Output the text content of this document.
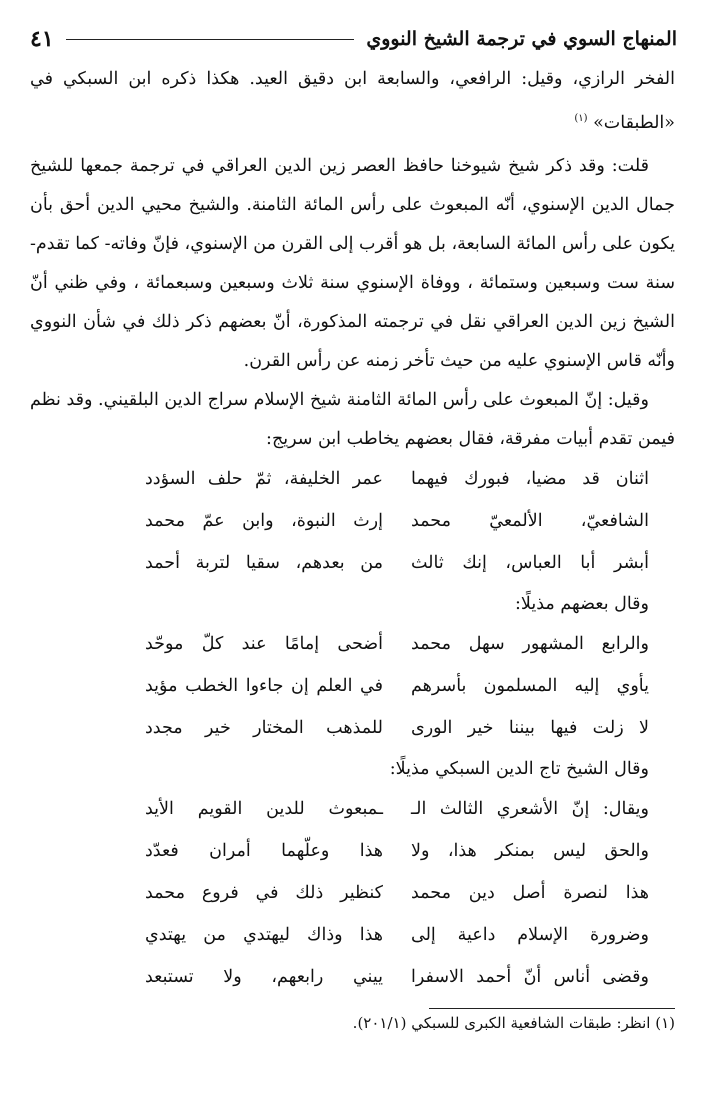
المنهاج السوي في ترجمة الشيخ النووي
٤١

الفخر الرازي، وقيل: الرافعي، والسابعة ابن دقيق العيد. هكذا ذكره ابن السبكي في «الطبقات» $^{(١)}$

قلت: وقد ذكر شيخ شيوخنا حافظ العصر زين الدين العراقي في ترجمة جمعها للشيخ جمال الدين الإسنوي، أنّه المبعوث على رأس المائة الثامنة. والشيخ محيي الدين أحق بأن يكون على رأس المائة السابعة، بل هو أقرب إلى القرن من الإسنوي، فإنّ وفاته- كما تقدم- سنة ست وسبعين وستمائة ، ووفاة الإسنوي سنة ثلاث وسبعين وسبعمائة ، وفي ظني أنّ الشيخ زين الدين العراقي نقل في ترجمته المذكورة، أنّ بعضهم ذكر ذلك في شأن النووي وأنّه قاس الإسنوي عليه من حيث تأخر زمنه عن رأس القرن.

وقيل: إنّ المبعوث على رأس المائة الثامنة شيخ الإسلام سراج الدين البلقيني. وقد نظم فيمن تقدم أبيات مفرقة، فقال بعضهم يخاطب ابن سريج:

اثنان قد مضيا، فبورك فيهما
عمر الخليفة، ثمّ حلف السؤدد
الشافعيّ، الألمعيّ محمد
إرث النبوة، وابن عمّ محمد
أبشر أبا العباس، إنك ثالث
من بعدهم، سقيا لتربة أحمد

وقال بعضهم مذيلًا:

والرابع المشهور سهل محمد
أضحى إمامًا عند كلّ موحّد
يأوي إليه المسلمون بأسرهم
في العلم إن جاءوا الخطب مؤيد
لا زلت فيها بيننا خير الورى
للمذهب المختار خير مجدد

وقال الشيخ تاج الدين السبكي مذيلًا:

ويقال: إنّ الأشعري الثالث الـ
ـمبعوث للدين القويم الأيد
والحق ليس بمنكر هذا، ولا
هذا وعلّهما أمران فعدّد
هذا لنصرة أصل دين محمد
كنظير ذلك في فروع محمد
وضرورة الإسلام داعية إلى
هذا وذاك ليهتدي من يهتدي
وقضى أناس أنّ أحمد الاسفرا
ييني رابعهم، ولا تستبعد
(١) انظر: طبقات الشافعية الكبرى للسبكي (٢٠١/١).
